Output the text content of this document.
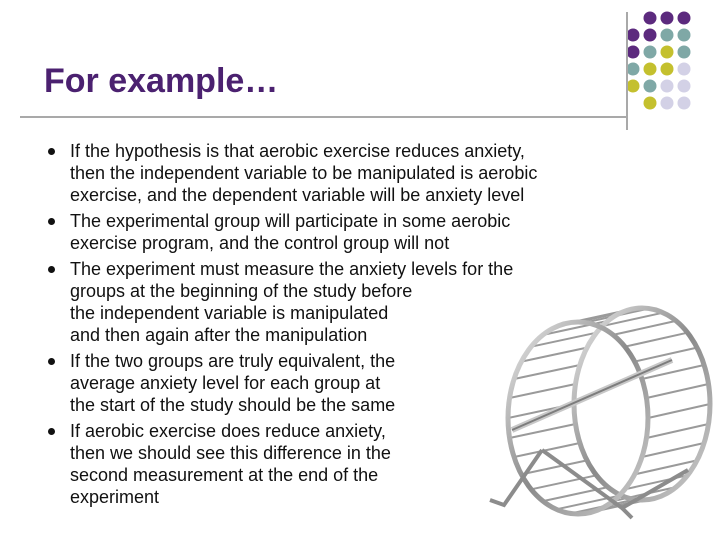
For example…
If the hypothesis is that aerobic exercise reduces anxiety,
then the independent variable to be manipulated is aerobic
exercise, and the dependent variable will be anxiety level
The experimental group will participate in some aerobic
exercise program, and the control group will not
The experiment must measure the anxiety levels for the
groups at the beginning of the study before
the independent variable is manipulated
and then again after the manipulation
If the two groups are truly equivalent, the
average anxiety level for each group at
the start of the study should be the same
If aerobic exercise does reduce anxiety,
then we should see this difference in the
second measurement at the end of the
experiment
